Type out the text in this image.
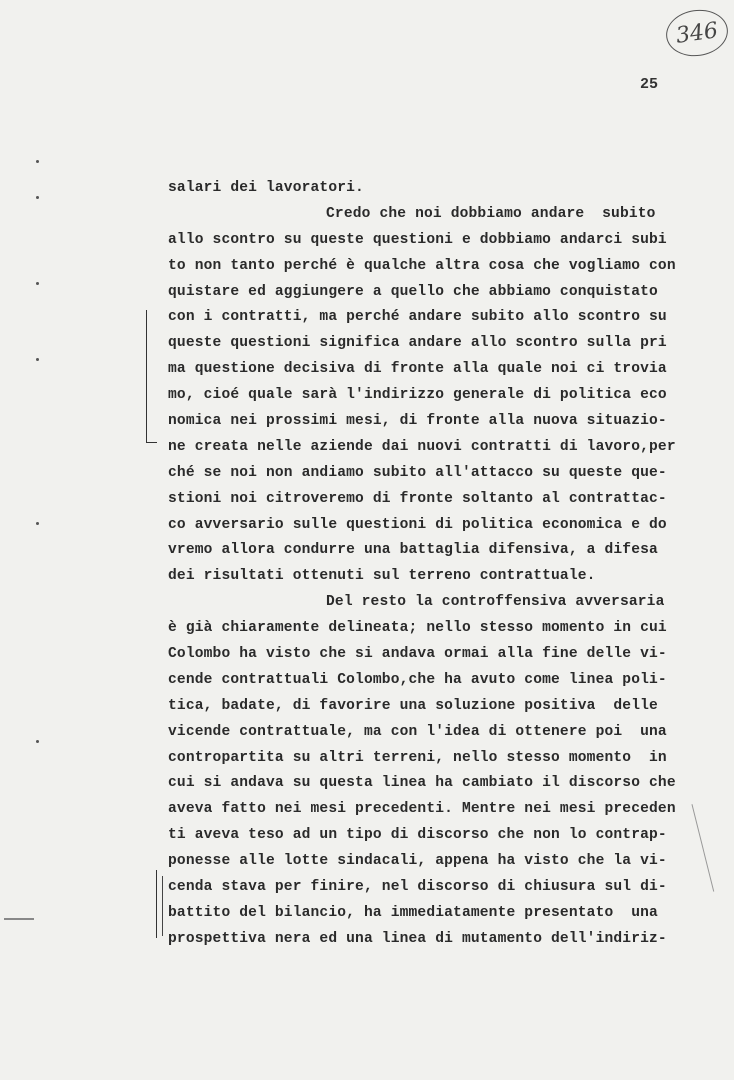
346
25
salari dei lavoratori.
Credo che noi dobbiamo andare  subito
allo scontro su queste questioni e dobbiamo andarci subi
to non tanto perché è qualche altra cosa che vogliamo con
quistare ed aggiungere a quello che abbiamo conquistato
con i contratti, ma perché andare subito allo scontro su
queste questioni significa andare allo scontro sulla pri
ma questione decisiva di fronte alla quale noi ci trovia
mo, cioé quale sarà l'indirizzo generale di politica eco
nomica nei prossimi mesi, di fronte alla nuova situazio-
ne creata nelle aziende dai nuovi contratti di lavoro,per
ché se noi non andiamo subito all'attacco su queste que-
stioni noi citroveremo di fronte soltanto al contrattac-
co avversario sulle questioni di politica economica e do
vremo allora condurre una battaglia difensiva, a difesa
dei risultati ottenuti sul terreno contrattuale.
Del resto la controffensiva avversaria
è già chiaramente delineata; nello stesso momento in cui
Colombo ha visto che si andava ormai alla fine delle vi-
cende contrattuali Colombo,che ha avuto come linea poli-
tica, badate, di favorire una soluzione positiva  delle
vicende contrattuale, ma con l'idea di ottenere poi  una
contropartita su altri terreni, nello stesso momento  in
cui si andava su questa linea ha cambiato il discorso che
aveva fatto nei mesi precedenti. Mentre nei mesi preceden
ti aveva teso ad un tipo di discorso che non lo contrap-
ponesse alle lotte sindacali, appena ha visto che la vi-
cenda stava per finire, nel discorso di chiusura sul di-
battito del bilancio, ha immediatamente presentato  una
prospettiva nera ed una linea di mutamento dell'indiriz-
